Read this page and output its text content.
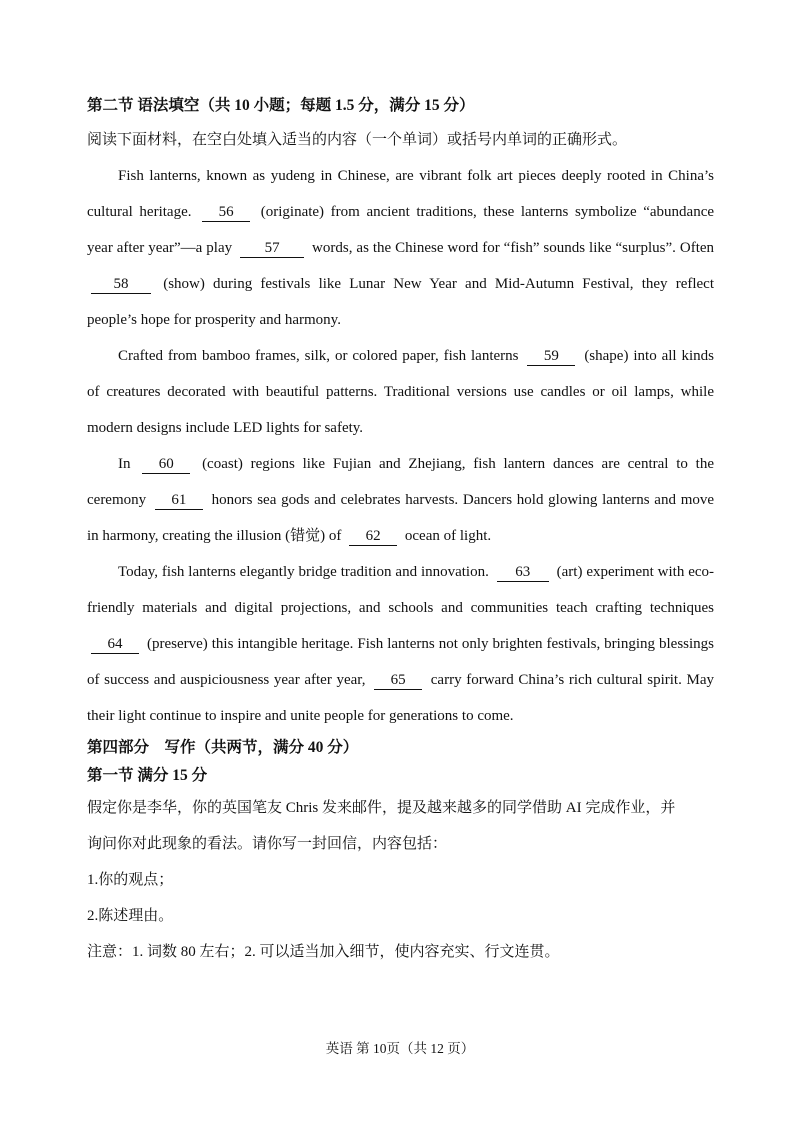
第二节 语法填空（共 10 小题；每题 1.5 分，满分 15 分）
阅读下面材料，在空白处填入适当的内容（一个单词）或括号内单词的正确形式。

Fish lanterns, known as yudeng in Chinese, are vibrant folk art pieces deeply rooted in China’s cultural heritage. 56 (originate) from ancient traditions, these lanterns symbolize “abundance year after year”—a play 57 words, as the Chinese word for “fish” sounds like “surplus”. Often 58 (show) during festivals like Lunar New Year and Mid-Autumn Festival, they reflect people’s hope for prosperity and harmony.

Crafted from bamboo frames, silk, or colored paper, fish lanterns 59 (shape) into all kinds of creatures decorated with beautiful patterns. Traditional versions use candles or oil lamps, while modern designs include LED lights for safety.

In 60 (coast) regions like Fujian and Zhejiang, fish lantern dances are central to the ceremony 61 honors sea gods and celebrates harvests. Dancers hold glowing lanterns and move in harmony, creating the illusion (错觉) of 62 ocean of light.

Today, fish lanterns elegantly bridge tradition and innovation. 63 (art) experiment with eco-friendly materials and digital projections, and schools and communities teach crafting techniques 64 (preserve) this intangible heritage. Fish lanterns not only brighten festivals, bringing blessings of success and auspiciousness year after year, 65 carry forward China’s rich cultural spirit. May their light continue to inspire and unite people for generations to come.

第四部分　写作（共两节，满分 40 分）
第一节 满分 15 分
假定你是李华，你的英国笔友 Chris 发来邮件，提及越来越多的同学借助 AI 完成作业，并
询问你对此现象的看法。请你写一封回信，内容包括：
1.你的观点；
2.陈述理由。
注意：1. 词数 80 左右；2. 可以适当加入细节，使内容充实、行文连贯。
英语 第 10页（共 12 页）
